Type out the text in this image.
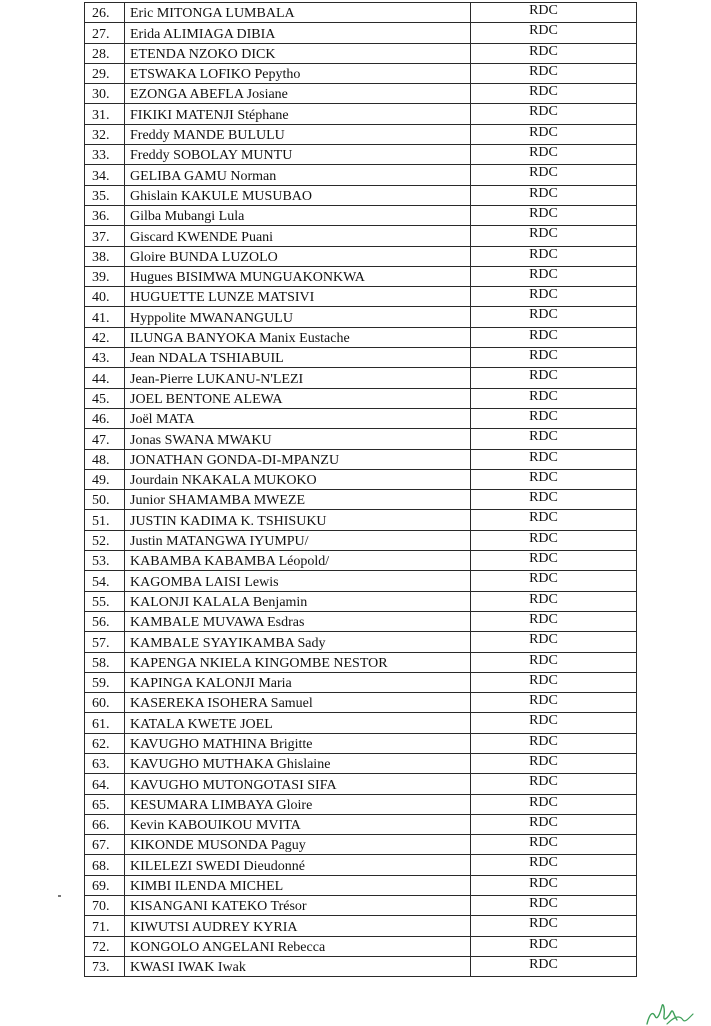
26.	Eric MITONGA LUMBALA	RDC
27.	Erida ALIMIAGA DIBIA	RDC
28.	ETENDA NZOKO DICK	RDC
29.	ETSWAKA LOFIKO Pepytho	RDC
30.	EZONGA ABEFLA Josiane	RDC
31.	FIKIKI MATENJI Stéphane	RDC
32.	Freddy MANDE BULULU	RDC
33.	Freddy SOBOLAY MUNTU	RDC
34.	GELIBA GAMU Norman	RDC
35.	Ghislain KAKULE MUSUBAO	RDC
36.	Gilba Mubangi Lula	RDC
37.	Giscard KWENDE Puani	RDC
38.	Gloire BUNDA LUZOLO	RDC
39.	Hugues BISIMWA MUNGUAKONKWA	RDC
40.	HUGUETTE LUNZE MATSIVI	RDC
41.	Hyppolite MWANANGULU	RDC
42.	ILUNGA BANYOKA Manix Eustache	RDC
43.	Jean NDALA TSHIABUIL	RDC
44.	Jean-Pierre LUKANU-N'LEZI	RDC
45.	JOEL BENTONE ALEWA	RDC
46.	Joël MATA	RDC
47.	Jonas SWANA MWAKU	RDC
48.	JONATHAN GONDA-DI-MPANZU	RDC
49.	Jourdain NKAKALA MUKOKO	RDC
50.	Junior SHAMAMBA MWEZE	RDC
51.	JUSTIN KADIMA K. TSHISUKU	RDC
52.	Justin MATANGWA IYUMPU/	RDC
53.	KABAMBA KABAMBA Léopold/	RDC
54.	KAGOMBA LAISI Lewis	RDC
55.	KALONJI KALALA Benjamin	RDC
56.	KAMBALE MUVAWA Esdras	RDC
57.	KAMBALE SYAYIKAMBA Sady	RDC
58.	KAPENGA NKIELA KINGOMBE NESTOR	RDC
59.	KAPINGA KALONJI Maria	RDC
60.	KASEREKA ISOHERA Samuel	RDC
61.	KATALA KWETE JOEL	RDC
62.	KAVUGHO MATHINA Brigitte	RDC
63.	KAVUGHO MUTHAKA Ghislaine	RDC
64.	KAVUGHO MUTONGOTASI SIFA	RDC
65.	KESUMARA LIMBAYA Gloire	RDC
66.	Kevin KABOUIKOU MVITA	RDC
67.	KIKONDE MUSONDA Paguy	RDC
68.	KILELEZI SWEDI Dieudonné	RDC
69.	KIMBI ILENDA MICHEL	RDC
70.	KISANGANI KATEKO Trésor	RDC
71.	KIWUTSI AUDREY KYRIA	RDC
72.	KONGOLO ANGELANI Rebecca	RDC
73.	KWASI IWAK Iwak	RDC
